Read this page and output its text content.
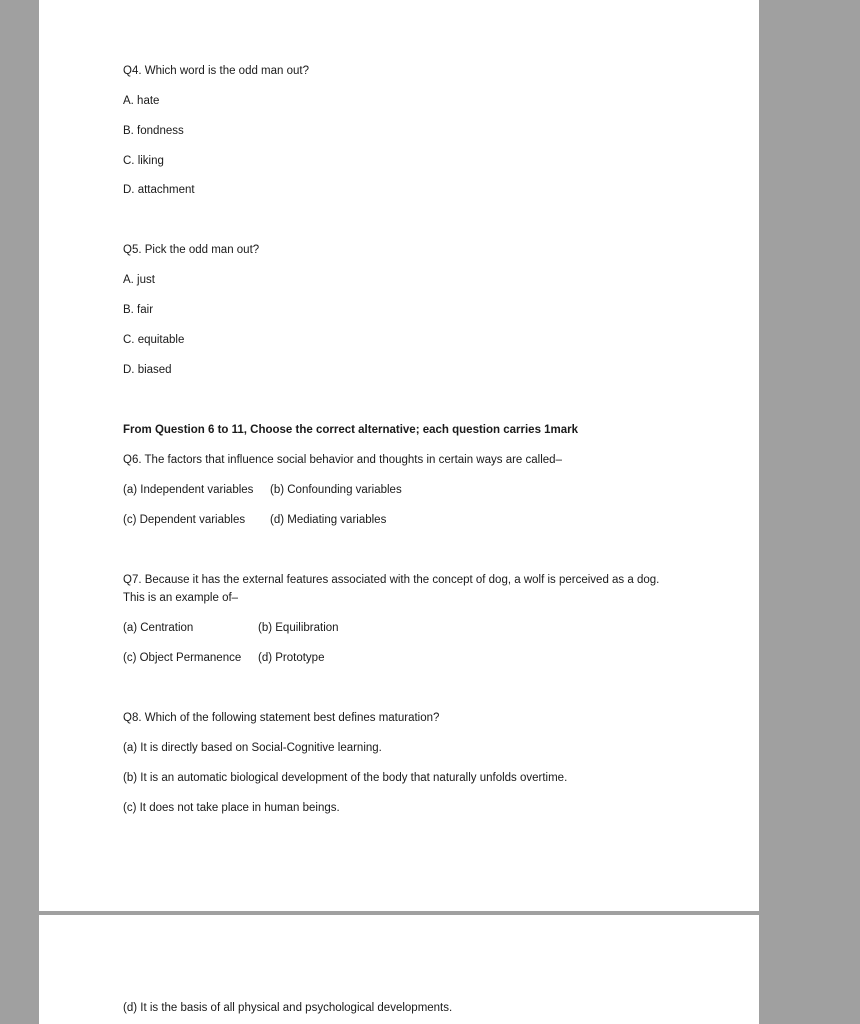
Q4. Which word is the odd man out?
A. hate
B. fondness
C. liking
D. attachment
Q5. Pick the odd man out?
A. just
B. fair
C. equitable
D. biased
From Question 6 to 11, Choose the correct alternative; each question carries 1mark
Q6. The factors that influence social behavior and thoughts in certain ways are called–
(a) Independent variables (b) Confounding variables
(c) Dependent variables (d) Mediating variables
Q7. Because it has the external features associated with the concept of dog, a wolf is perceived as a dog.
This is an example of–
(a) Centration	(b) Equilibration
(c) Object Permanence (d) Prototype
Q8. Which of the following statement best defines maturation?
(a) It is directly based on Social-Cognitive learning.
(b) It is an automatic biological development of the body that naturally unfolds overtime.
(c) It does not take place in human beings.
(d) It is the basis of all physical and psychological developments.
